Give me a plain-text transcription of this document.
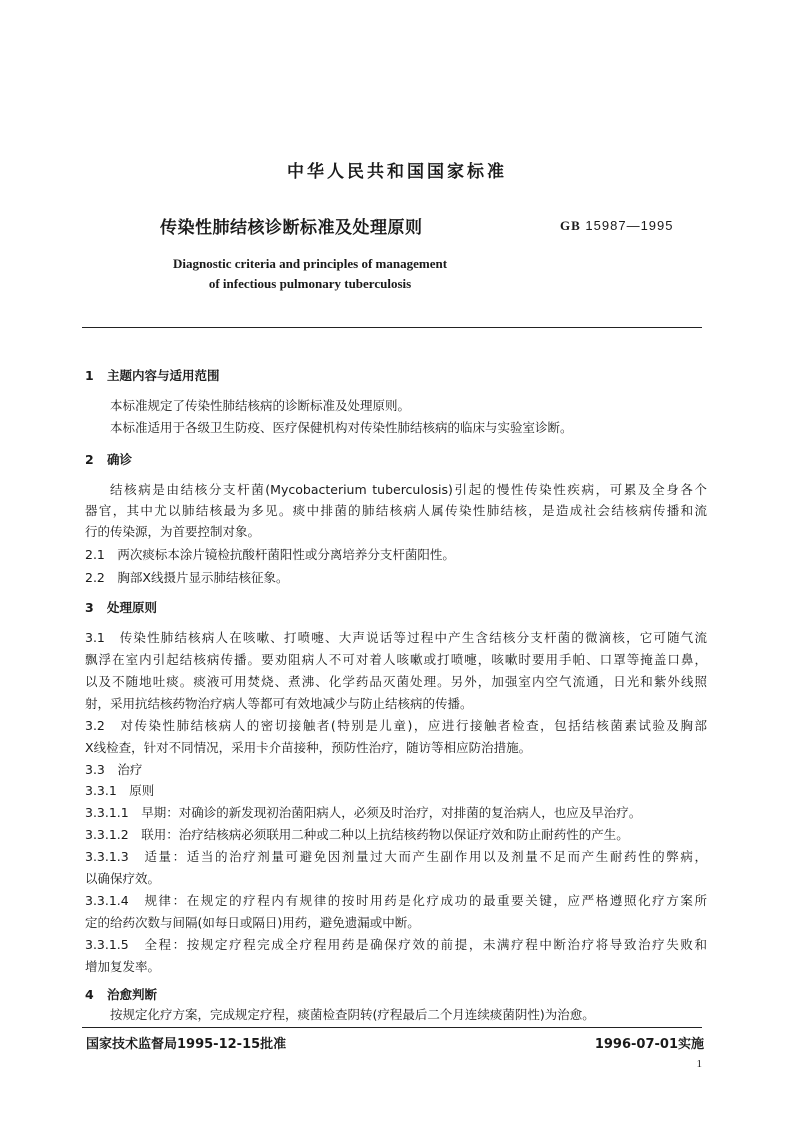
中华人民共和国国家标准
传染性肺结核诊断标准及处理原则	GB 15987—1995
Diagnostic criteria and principles of management
of infectious pulmonary tuberculosis
1 主题内容与适用范围
本标准规定了传染性肺结核病的诊断标准及处理原则。
本标准适用于各级卫生防疫、医疗保健机构对传染性肺结核病的临床与实验室诊断。
2 确诊
结核病是由结核分支杆菌(Mycobacterium tuberculosis)引起的慢性传染性疾病，可累及全身各个
器官，其中尤以肺结核最为多见。痰中排菌的肺结核病人属传染性肺结核，是造成社会结核病传播和流
行的传染源，为首要控制对象。
2.1　两次痰标本涂片镜检抗酸杆菌阳性或分离培养分支杆菌阳性。
2.2　胸部X线摄片显示肺结核征象。
3 处理原则
3.1　传染性肺结核病人在咳嗽、打喷嚏、大声说话等过程中产生含结核分支杆菌的微滴核，它可随气流
飘浮在室内引起结核病传播。要劝阻病人不可对着人咳嗽或打喷嚏，咳嗽时要用手帕、口罩等掩盖口鼻，
以及不随地吐痰。痰液可用焚烧、煮沸、化学药品灭菌处理。另外，加强室内空气流通，日光和紫外线照
射，采用抗结核药物治疗病人等都可有效地减少与防止结核病的传播。
3.2　对传染性肺结核病人的密切接触者(特别是儿童)，应进行接触者检查，包括结核菌素试验及胸部
X线检查，针对不同情况，采用卡介苗接种，预防性治疗，随访等相应防治措施。
3.3　治疗
3.3.1　原则
3.3.1.1　早期：对确诊的新发现初治菌阳病人，必须及时治疗，对排菌的复治病人，也应及早治疗。
3.3.1.2　联用：治疗结核病必须联用二种或二种以上抗结核药物以保证疗效和防止耐药性的产生。
3.3.1.3　适量：适当的治疗剂量可避免因剂量过大而产生副作用以及剂量不足而产生耐药性的弊病，
以确保疗效。
3.3.1.4　规律：在规定的疗程内有规律的按时用药是化疗成功的最重要关键，应严格遵照化疗方案所
定的给药次数与间隔(如每日或隔日)用药，避免遗漏或中断。
3.3.1.5　全程：按规定疗程完成全疗程用药是确保疗效的前提，未满疗程中断治疗将导致治疗失败和
增加复发率。
4 治愈判断
按规定化疗方案，完成规定疗程，痰菌检查阴转(疗程最后二个月连续痰菌阴性)为治愈。
国家技术监督局1995-12-15批准	1996-07-01实施
1
